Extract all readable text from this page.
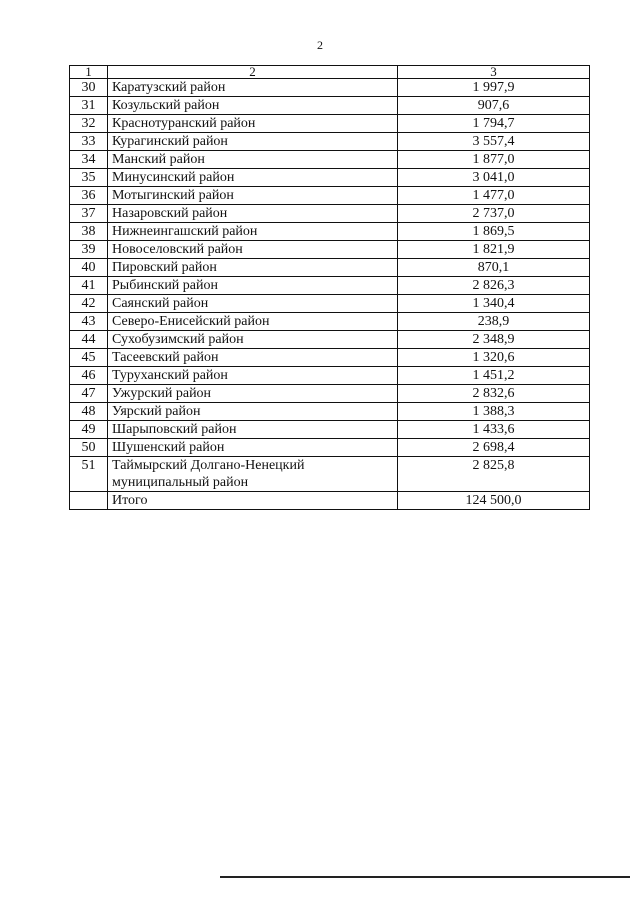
2
1	2	3
30	Каратузский район	1 997,9
31	Козульский район	907,6
32	Краснотуранский район	1 794,7
33	Курагинский район	3 557,4
34	Манский район	1 877,0
35	Минусинский район	3 041,0
36	Мотыгинский район	1 477,0
37	Назаровский район	2 737,0
38	Нижнеингашский район	1 869,5
39	Новоселовский район	1 821,9
40	Пировский район	870,1
41	Рыбинский район	2 826,3
42	Саянский район	1 340,4
43	Северо-Енисейский район	238,9
44	Сухобузимский район	2 348,9
45	Тасеевский район	1 320,6
46	Туруханский район	1 451,2
47	Ужурский район	2 832,6
48	Уярский район	1 388,3
49	Шарыповский район	1 433,6
50	Шушенский район	2 698,4
51	Таймырский Долгано-Ненецкий муниципальный район	2 825,8
	Итого	124 500,0
